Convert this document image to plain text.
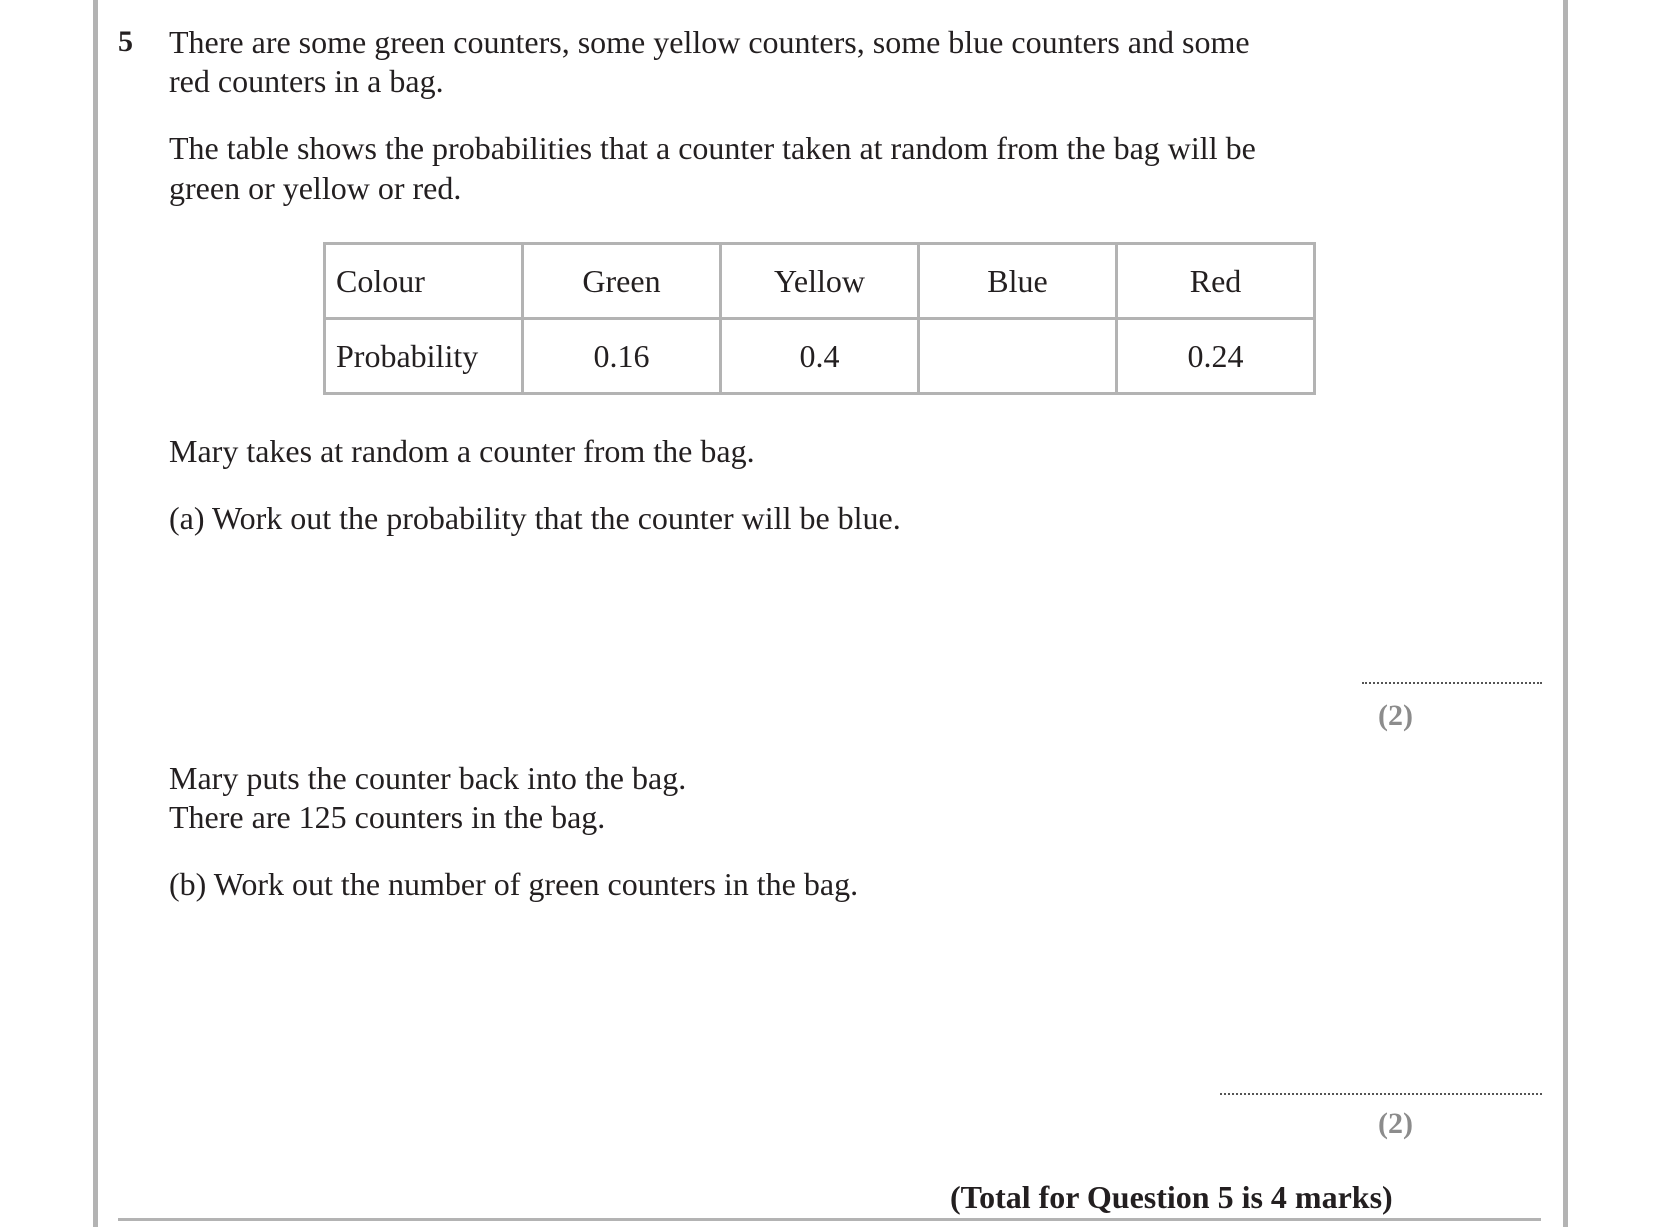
5 There are some green counters, some yellow counters, some blue counters and some
red counters in a bag.
The table shows the probabilities that a counter taken at random from the bag will be
green or yellow or red.
Colour	Green	Yellow	Blue	Red
Probability	0.16	0.4		0.24
Mary takes at random a counter from the bag.
(a) Work out the probability that the counter will be blue.
(2)
Mary puts the counter back into the bag.
There are 125 counters in the bag.
(b) Work out the number of green counters in the bag.
(2)
(Total for Question 5 is 4 marks)
